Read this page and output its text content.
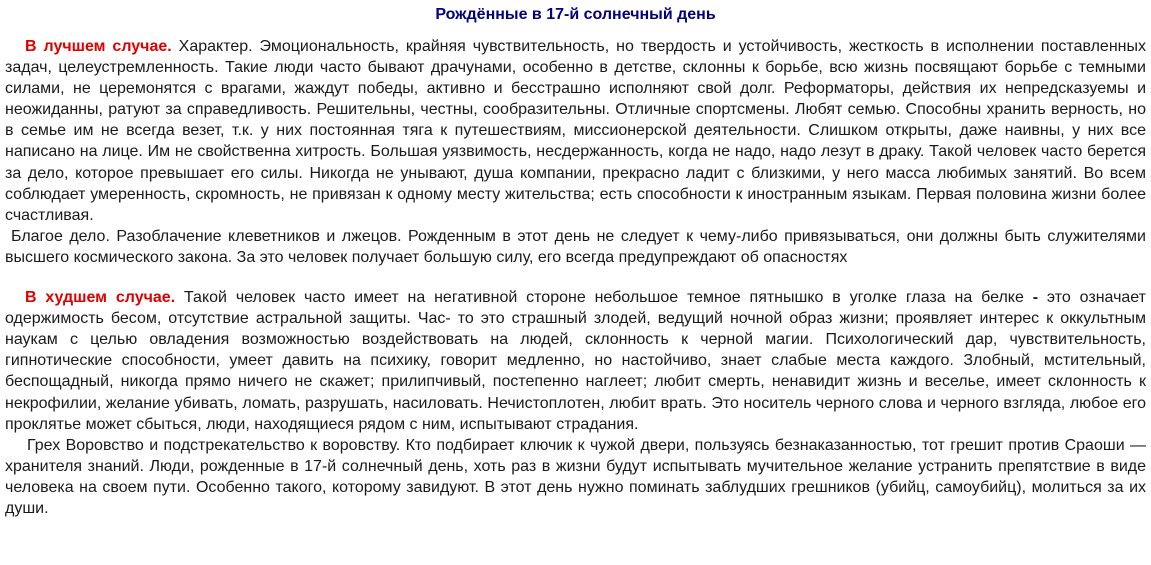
Рождённые в 17-й солнечный день

В лучшем случае. Характер. Эмоциональность, крайняя чувствительность, но твердость и устойчивость, жесткость в исполнении поставленных задач, целеустремленность. Такие люди часто бывают драчунами, особенно в детстве, склонны к борьбе, всю жизнь посвящают борьбе с темными силами, не церемонятся с врагами, жаждут победы, активно и бесстрашно исполняют свой долг. Реформаторы, действия их непредсказуемы и неожиданны, ратуют за справедливость. Решительны, честны, сообразительны. Отличные спортсмены. Любят семью. Способны хранить верность, но в семье им не всегда везет, т.к. у них постоянная тяга к путешествиям, миссионерской деятельности. Слишком открыты, даже наивны, у них все написано на лице. Им не свойственна хитрость. Большая уязвимость, несдержанность, когда не надо, надо лезут в драку. Такой человек часто берется за дело, которое превышает его силы. Никогда не унывают, душа компании, прекрасно ладит с близкими, у него масса любимых занятий. Во всем соблюдает умеренность, скромность, не привязан к одному месту жительства; есть способности к иностранным языкам. Первая половина жизни более счастливая.

Благое дело. Разоблачение клеветников и лжецов. Рожденным в этот день не следует к чему-либо привязываться, они должны быть служителями высшего космического закона. За это человек получает большую силу, его всегда предупреждают об опасностях

В худшем случае. Такой человек часто имеет на негативной стороне небольшое темное пятнышко в уголке глаза на белке - это означает одержимость бесом, отсутствие астральной защиты. Час- то это страшный злодей, ведущий ночной образ жизни; проявляет интерес к оккультным наукам с целью овладения возможностью воздействовать на людей, склонность к черной магии. Психологический дар, чувствительность, гипнотические способности, умеет давить на психику, говорит медленно, но настойчиво, знает слабые места каждого. Злобный, мстительный, беспощадный, никогда прямо ничего не скажет; прилипчивый, постепенно наглеет; любит смерть, ненавидит жизнь и веселье, имеет склонность к некрофилии, желание убивать, ломать, разрушать, насиловать. Нечистоплотен, любит врать. Это носитель черного слова и черного взгляда, любое его проклятье может сбыться, люди, находящиеся рядом с ним, испытывают страдания.

Грех Воровство и подстрекательство к воровству. Кто подбирает ключик к чужой двери, пользуясь безнаказанностью, тот грешит против Сраоши — хранителя знаний. Люди, рожденные в 17-й солнечный день, хоть раз в жизни будут испытывать мучительное желание устранить препятствие в виде человека на своем пути. Особенно такого, которому завидуют. В этот день нужно поминать заблудших грешников (убийц, самоубийц), молиться за их души.
